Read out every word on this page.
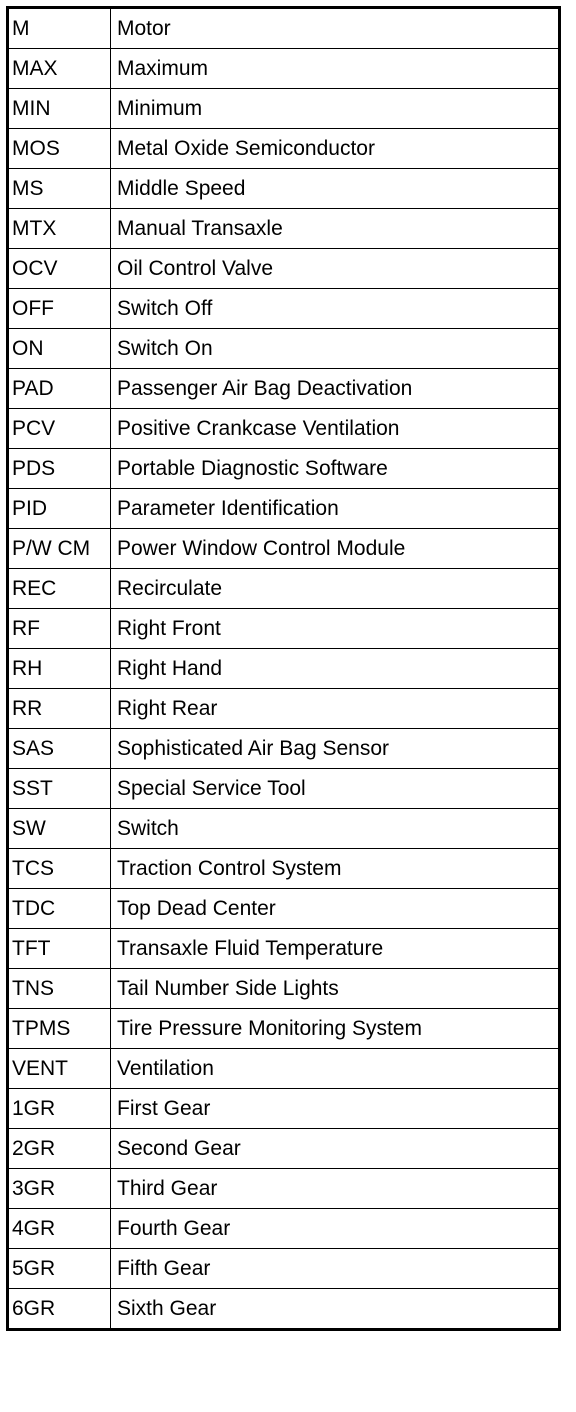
M	Motor
MAX	Maximum
MIN	Minimum
MOS	Metal Oxide Semiconductor
MS	Middle Speed
MTX	Manual Transaxle
OCV	Oil Control Valve
OFF	Switch Off
ON	Switch On
PAD	Passenger Air Bag Deactivation
PCV	Positive Crankcase Ventilation
PDS	Portable Diagnostic Software
PID	Parameter Identification
P/W CM	Power Window Control Module
REC	Recirculate
RF	Right Front
RH	Right Hand
RR	Right Rear
SAS	Sophisticated Air Bag Sensor
SST	Special Service Tool
SW	Switch
TCS	Traction Control System
TDC	Top Dead Center
TFT	Transaxle Fluid Temperature
TNS	Tail Number Side Lights
TPMS	Tire Pressure Monitoring System
VENT	Ventilation
1GR	First Gear
2GR	Second Gear
3GR	Third Gear
4GR	Fourth Gear
5GR	Fifth Gear
6GR	Sixth Gear
